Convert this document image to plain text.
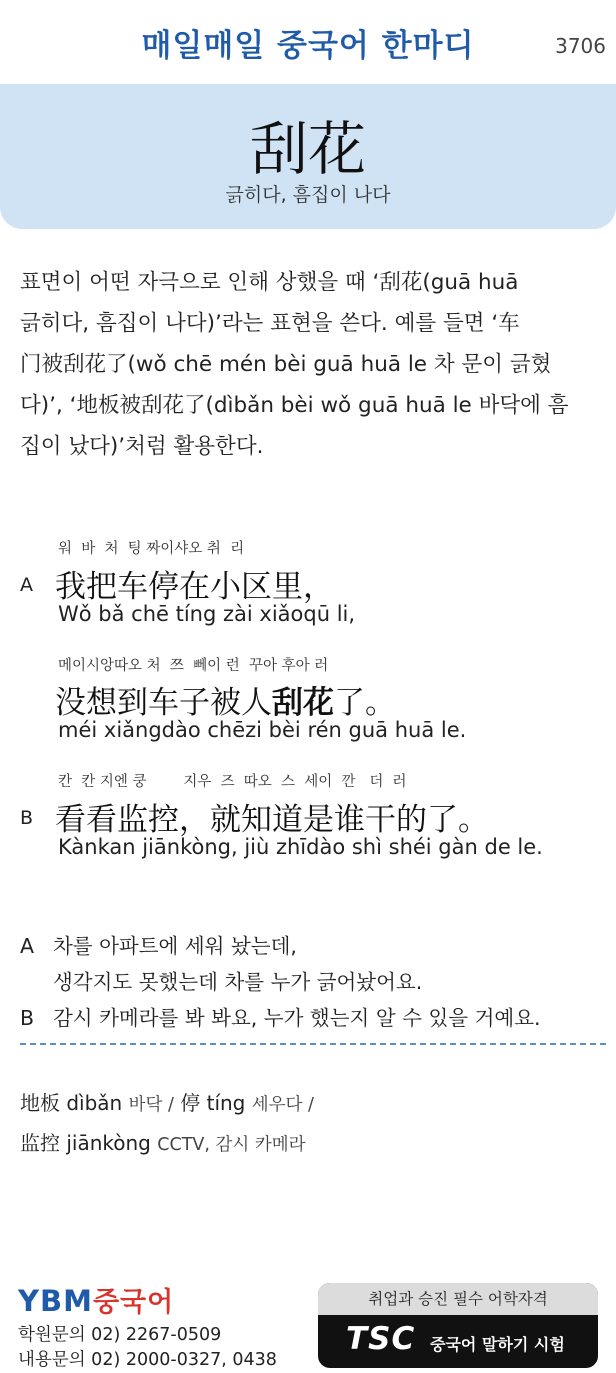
매일매일 중국어 한마디	3706
刮花
긁히다, 흠집이 나다
표면이 어떤 자극으로 인해 상했을 때 ‘刮花(guā huā
긁히다, 흠집이 나다)’라는 표현을 쓴다. 예를 들면 ‘车
门被刮花了(wǒ chē mén bèi guā huā le 차 문이 긁혔
다)’, ‘地板被刮花了(dìbǎn bèi wǒ guā huā le 바닥에 흠
집이 났다)’처럼 활용한다.
워  바  처  팅 짜이샤오 취  리
A 我把车停在小区里，
Wǒ bǎ chē tíng zài xiǎoqū li,
메이시앙따오 처  쯔  뻬이 런  꾸아 후아 러
没想到车子被人刮花了。
méi xiǎngdào chēzi bèi rén guā huā le.
칸  칸 지엔 쿵        지우  즈  따오  스  세이  깐   더  러
B 看看监控，就知道是谁干的了。
Kànkan jiānkòng, jiù zhīdào shì shéi gàn de le.
A 차를 아파트에 세워 놨는데,
생각지도 못했는데 차를 누가 긁어놨어요.
B 감시 카메라를 봐 봐요, 누가 했는지 알 수 있을 거예요.
地板 dìbǎn 바닥 / 停 tíng 세우다 /
监控 jiānkòng CCTV, 감시 카메라
YBM중국어
학원문의 02) 2267-0509
내용문의 02) 2000-0327, 0438
취업과 승진 필수 어학자격
TSC 중국어 말하기 시험
